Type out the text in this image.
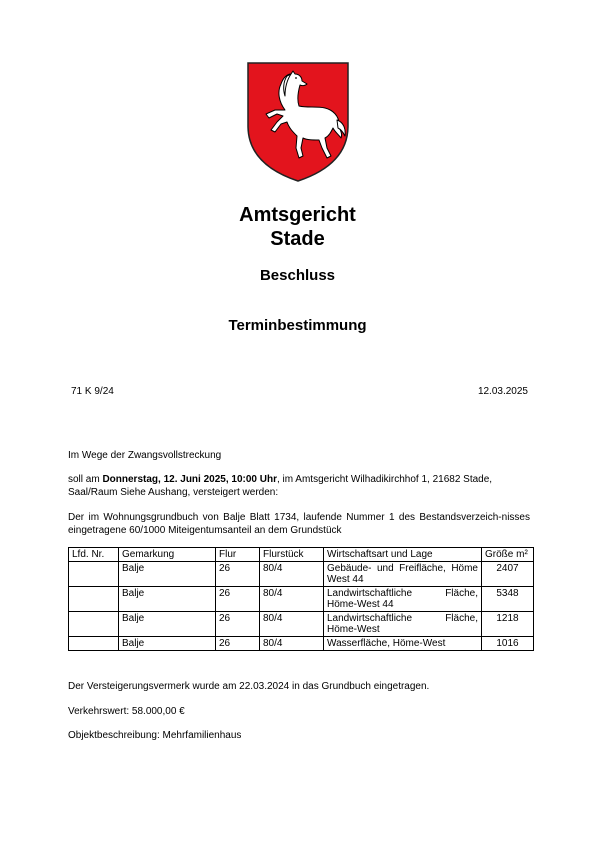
Amtsgericht
Stade
Beschluss
Terminbestimmung
71 K 9/24	12.03.2025
Im Wege der Zwangsvollstreckung
soll am Donnerstag, 12. Juni 2025, 10:00 Uhr, im Amtsgericht Wilhadikirchhof 1, 21682 Stade, Saal/Raum Siehe Aushang, versteigert werden:
Der im Wohnungsgrundbuch von Balje Blatt 1734, laufende Nummer 1 des Bestandsverzeich-nisses eingetragene 60/1000 Miteigentumsanteil an dem Grundstück
Lfd. Nr.	Gemarkung	Flur	Flurstück	Wirtschaftsart und Lage	Größe m²
	Balje	26	80/4	Gebäude- und Freifläche, Höme West 44	2407
	Balje	26	80/4	Landwirtschaftliche Fläche, Höme-West 44	5348
	Balje	26	80/4	Landwirtschaftliche Fläche, Höme-West	1218
	Balje	26	80/4	Wasserfläche, Höme-West	1016
Der Versteigerungsvermerk wurde am 22.03.2024 in das Grundbuch eingetragen.
Verkehrswert: 58.000,00 €
Objektbeschreibung: Mehrfamilienhaus
